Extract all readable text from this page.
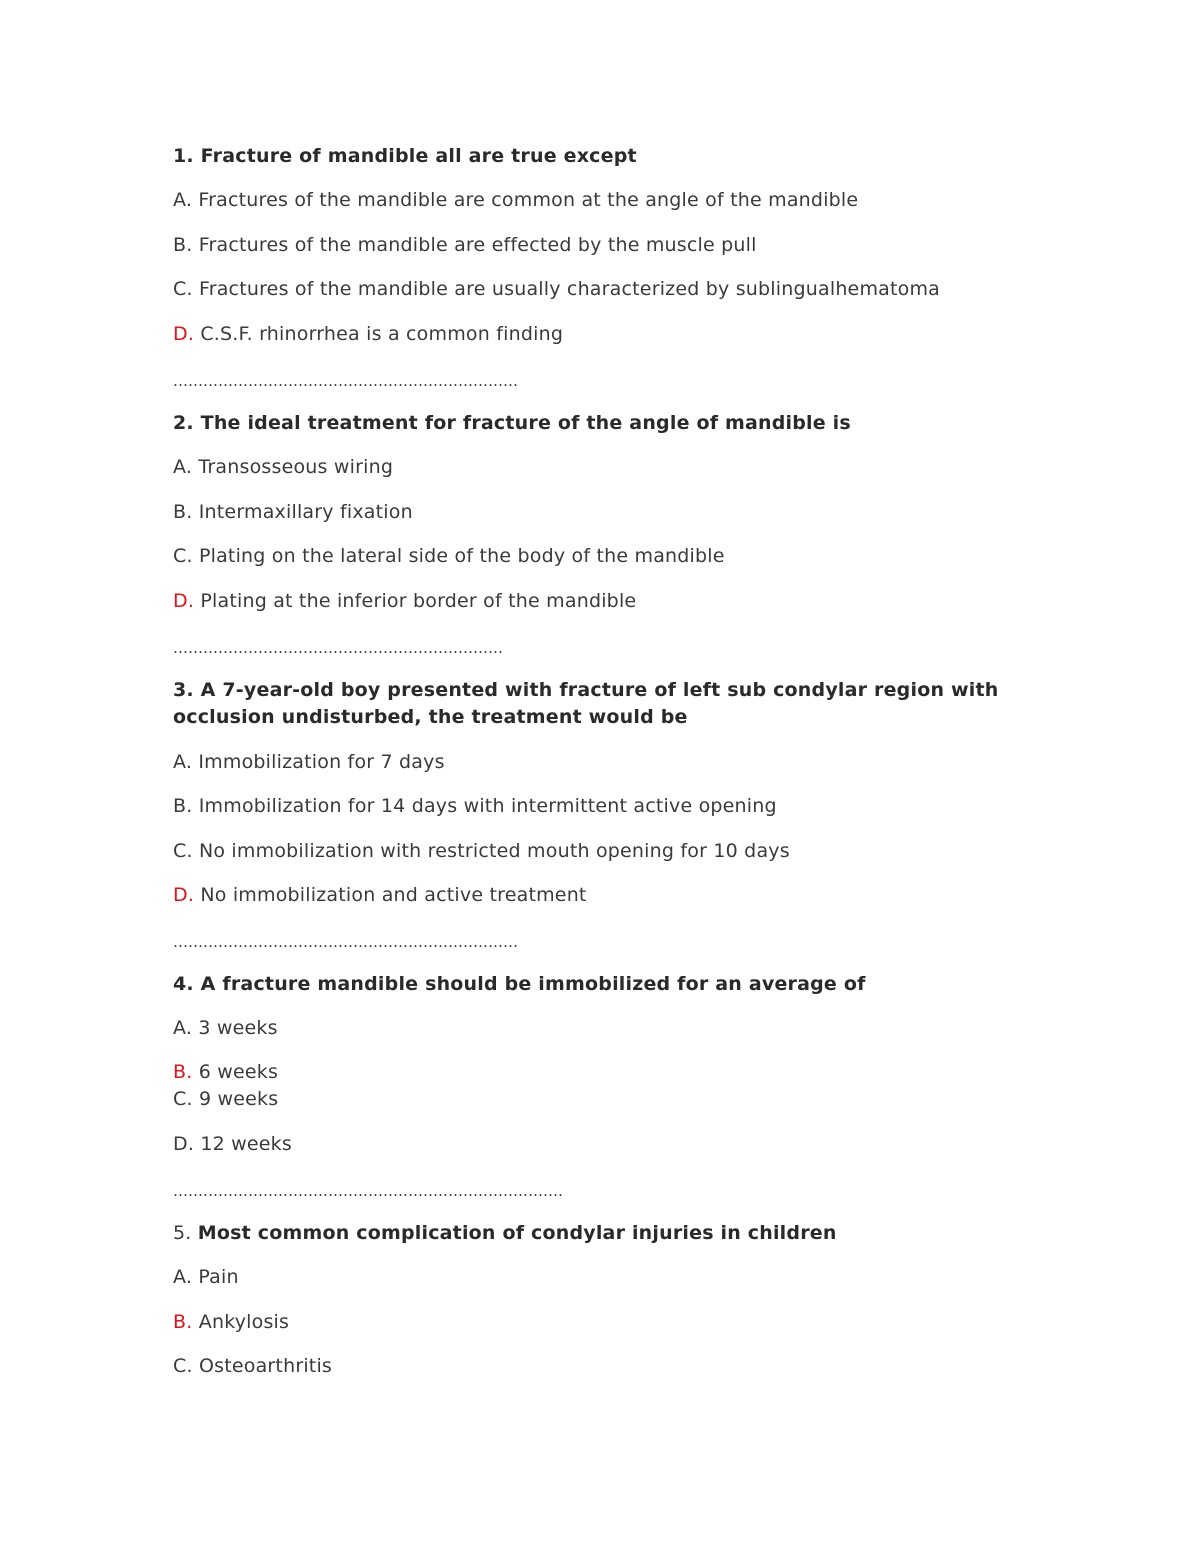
1. Fracture of mandible all are true except
A. Fractures of the mandible are common at the angle of the mandible
B. Fractures of the mandible are effected by the muscle pull
C. Fractures of the mandible are usually characterized by sublingualhematoma
D. C.S.F. rhinorrhea is a common finding
……………………………………………………………
2. The ideal treatment for fracture of the angle of mandible is
A. Transosseous wiring
B. Intermaxillary fixation
C. Plating on the lateral side of the body of the mandible
D. Plating at the inferior border of the mandible
…………………………………………………………
3. A 7-year-old boy presented with fracture of left sub condylar region with occlusion undisturbed, the treatment would be
A. Immobilization for 7 days
B. Immobilization for 14 days with intermittent active opening
C. No immobilization with restricted mouth opening for 10 days
D. No immobilization and active treatment
……………………………………………………………
4. A fracture mandible should be immobilized for an average of
A. 3 weeks
B. 6 weeks
C. 9 weeks
D. 12 weeks
……………………………………………………………………
5. Most common complication of condylar injuries in children
A. Pain
B. Ankylosis
C. Osteoarthritis
